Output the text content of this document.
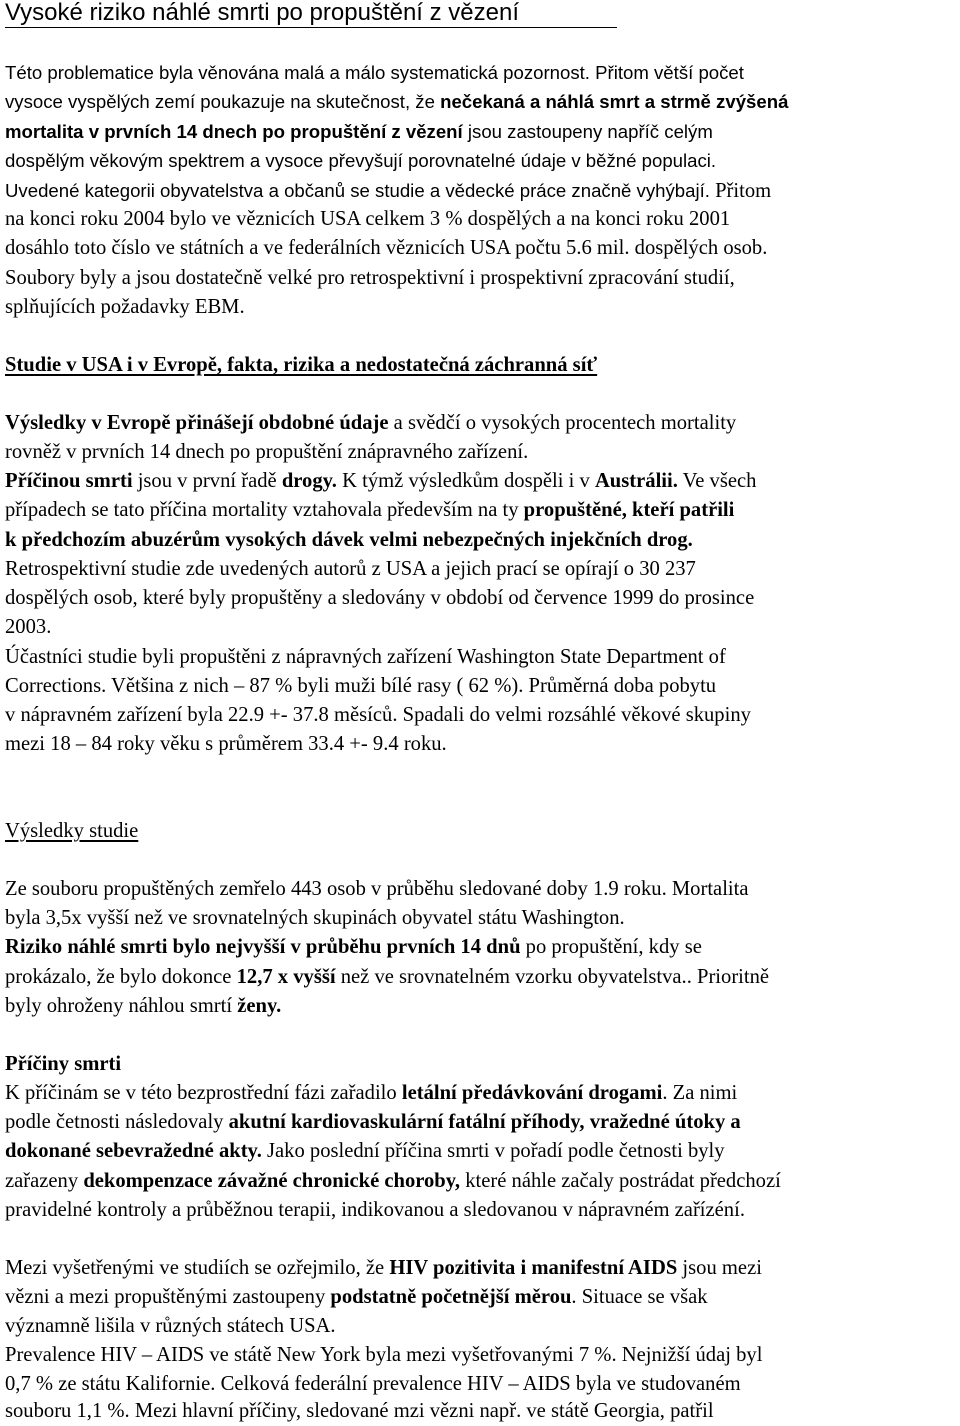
Vysoké riziko náhlé smrti po propuštění z vězení

Této problematice byla věnována malá a málo systematická pozornost. Přitom větší počet

vysoce vyspělých zemí poukazuje na skutečnost, že nečekaná a náhlá smrt a strmě zvýšená

mortalita v prvních 14 dnech po propuštění z vězení jsou zastoupeny napříč celým

dospělým věkovým spektrem a vysoce převyšují porovnatelné údaje v běžné populaci.

Uvedené kategorii obyvatelstva a občanů se studie a vědecké práce značně vyhýbají. Přitom

na konci roku 2004 bylo ve věznicích USA celkem 3 % dospělých a na konci roku 2001

dosáhlo toto číslo ve státních a ve federálních věznicích USA počtu 5.6 mil. dospělých osob.

Soubory byly a jsou dostatečně velké pro retrospektivní i prospektivní zpracování studií,

splňujících požadavky EBM.

Studie v USA i v Evropě, fakta, rizika a nedostatečná záchranná síť

Výsledky v Evropě přinášejí obdobné údaje a svědčí o vysokých procentech mortality

rovněž v prvních 14 dnech po propuštění znápravného zařízení.

Příčinou smrti jsou v první řadě drogy. K týmž výsledkům dospěli i v Austrálii. Ve všech

případech se tato příčina mortality vztahovala především na ty propuštěné, kteří patřili

k předchozím abuzérům vysokých dávek velmi nebezpečných injekčních drog.

Retrospektivní studie zde uvedených autorů z USA a jejich prací se opírají o 30 237

dospělých osob, které byly propuštěny a sledovány v období od července 1999 do prosince

2003.

Účastníci studie byli propuštěni z nápravných zařízení Washington State Department of

Corrections. Většina z nich – 87 % byli muži bílé rasy ( 62 %). Průměrná doba pobytu

v nápravném zařízení byla 22.9 +- 37.8 měsíců. Spadali do velmi rozsáhlé věkové skupiny

mezi 18 – 84 roky věku s průměrem 33.4 +- 9.4 roku.

Výsledky studie

Ze souboru propuštěných zemřelo 443 osob v průběhu sledované doby 1.9 roku. Mortalita

byla 3,5x vyšší než ve srovnatelných skupinách obyvatel státu Washington.

Riziko náhlé smrti bylo nejvyšší v průběhu prvních 14 dnů po propuštění, kdy se

prokázalo, že bylo dokonce 12,7 x vyšší než ve srovnatelném vzorku obyvatelstva.. Prioritně

byly ohroženy náhlou smrtí ženy.

Příčiny smrti

K příčinám se v této bezprostřední fázi zařadilo letální předávkování drogami. Za nimi

podle četnosti následovaly akutní kardiovaskulární fatální příhody, vražedné útoky a

dokonané sebevražedné akty. Jako poslední příčina smrti v pořadí podle četnosti byly

zařazeny dekompenzace závažné chronické choroby, které náhle začaly postrádat předchozí

pravidelné kontroly a průběžnou terapii, indikovanou a sledovanou v nápravném zařízéní.

Mezi vyšetřenými ve studiích se ozřejmilo, že HIV pozitivita i manifestní AIDS jsou mezi

vězni a mezi propuštěnými zastoupeny podstatně početnější měrou. Situace se však

významně lišila v různých státech USA.

Prevalence HIV – AIDS ve státě New York byla mezi vyšetřovanými 7 %. Nejnižší údaj byl

0,7 % ze státu Kalifornie. Celková federální prevalence HIV – AIDS byla ve studovaném

souboru 1,1 %. Mezi hlavní příčiny, sledované mzi vězni např. ve státě Georgia, patřil
